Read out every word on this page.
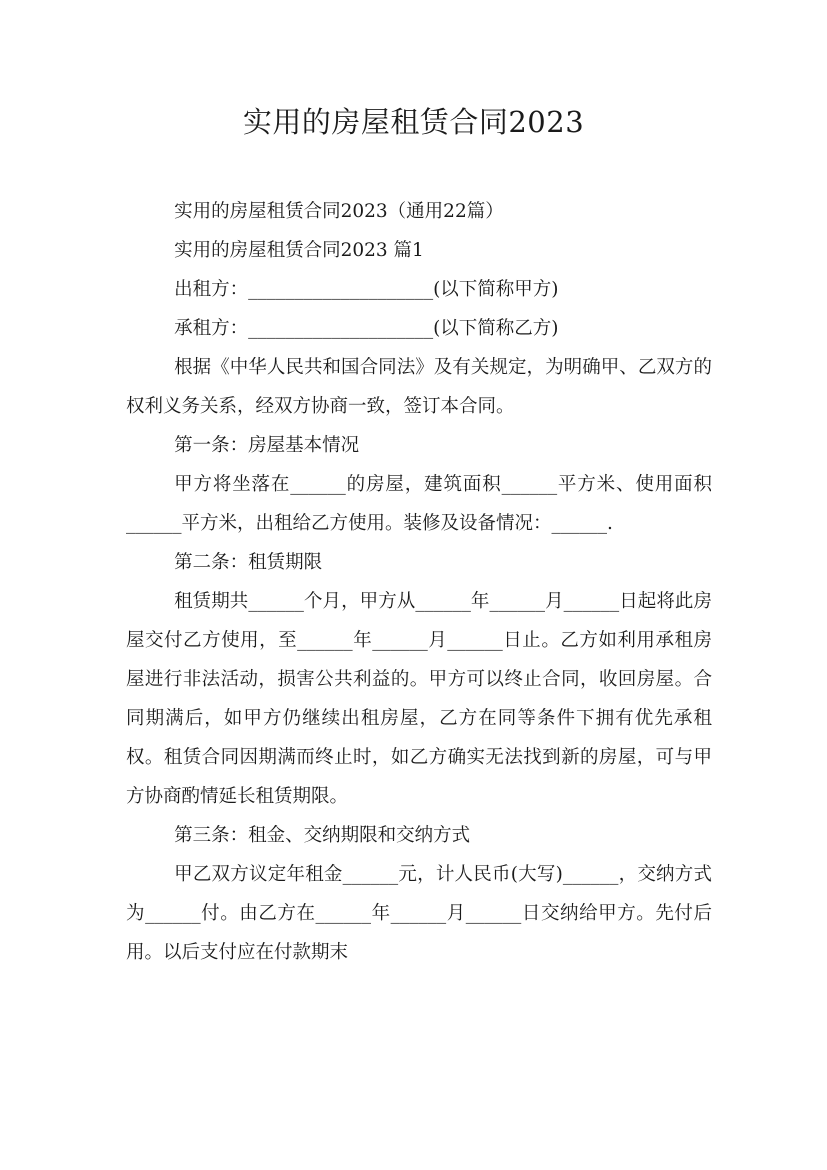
实用的房屋租赁合同2023

实用的房屋租赁合同2023（通用22篇）

实用的房屋租赁合同2023 篇1

出租方：____________________(以下简称甲方)

承租方：____________________(以下简称乙方)

根据《中华人民共和国合同法》及有关规定，为明确甲、乙双方的权利义务关系，经双方协商一致，签订本合同。

第一条：房屋基本情况

甲方将坐落在______的房屋，建筑面积______平方米、使用面积______平方米，出租给乙方使用。装修及设备情况：______.

第二条：租赁期限

租赁期共______个月，甲方从______年______月______日起将此房屋交付乙方使用，至______年______月______日止。乙方如利用承租房屋进行非法活动，损害公共利益的。甲方可以终止合同，收回房屋。合同期满后，如甲方仍继续出租房屋，乙方在同等条件下拥有优先承租权。租赁合同因期满而终止时，如乙方确实无法找到新的房屋，可与甲方协商酌情延长租赁期限。

第三条：租金、交纳期限和交纳方式

甲乙双方议定年租金______元，计人民币(大写)______，交纳方式为______付。由乙方在______年______月______日交纳给甲方。先付后用。以后支付应在付款期末
